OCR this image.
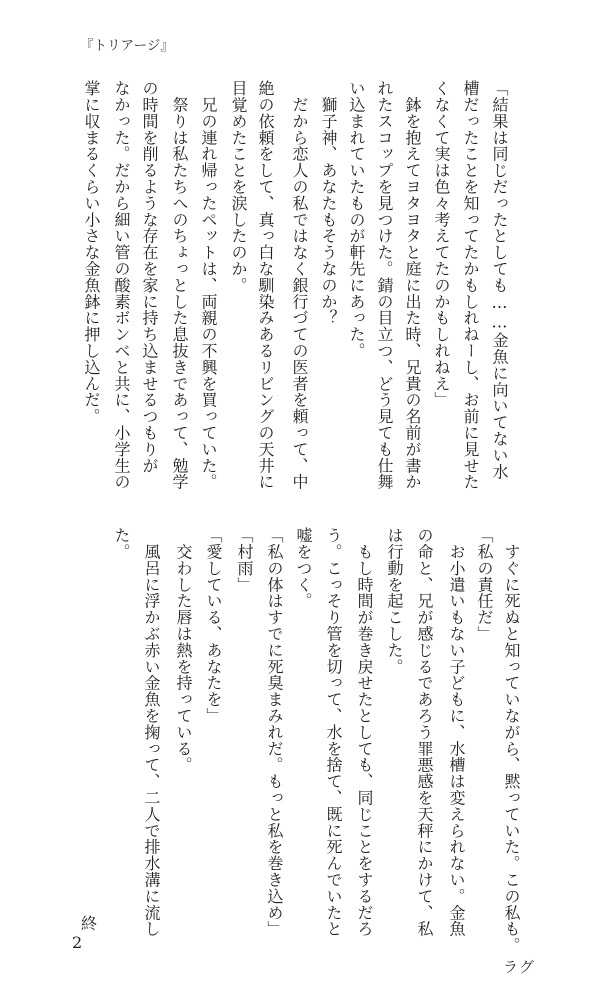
『トリアージ』
「結果は同じだったとしても……金魚に向いてない水
槽だったことを知ってたかもしれねーし、お前に見せた
くなくて実は色々考えてたのかもしれねえ」
　鉢を抱えてヨタヨタと庭に出た時、兄貴の名前が書か
れたスコップを見つけた。錆の目立つ、どう見ても仕舞
い込まれていたものが軒先にあった。
　獅子神、あなたもそうなのか？
　だから恋人の私ではなく銀行づての医者を頼って、中
絶の依頼をして、真っ白な馴染みあるリビングの天井に
目覚めたことを涙したのか。
　兄の連れ帰ったペットは、両親の不興を買っていた。
　祭りは私たちへのちょっとした息抜きであって、勉学
の時間を削るような存在を家に持ち込ませるつもりが
なかった。だから細い管の酸素ボンベと共に、小学生の
掌に収まるくらい小さな金魚鉢に押し込んだ。
　すぐに死ぬと知っていながら、黙っていた。この私も。
「私の責任だ」
　お小遣いもない子どもに、水槽は変えられない。金魚
の命と、兄が感じるであろう罪悪感を天秤にかけて、私
は行動を起こした。
　もし時間が巻き戻せたとしても、同じことをするだろ
う。こっそり管を切って、水を捨て、既に死んでいたと
嘘をつく。
「私の体はすでに死臭まみれだ。もっと私を巻き込め」
「村雨」
「愛している、あなたを」
　交わした唇は熱を持っている。
　風呂に浮かぶ赤い金魚を掬って、二人で排水溝に流し
た。
終
2
ラグ
